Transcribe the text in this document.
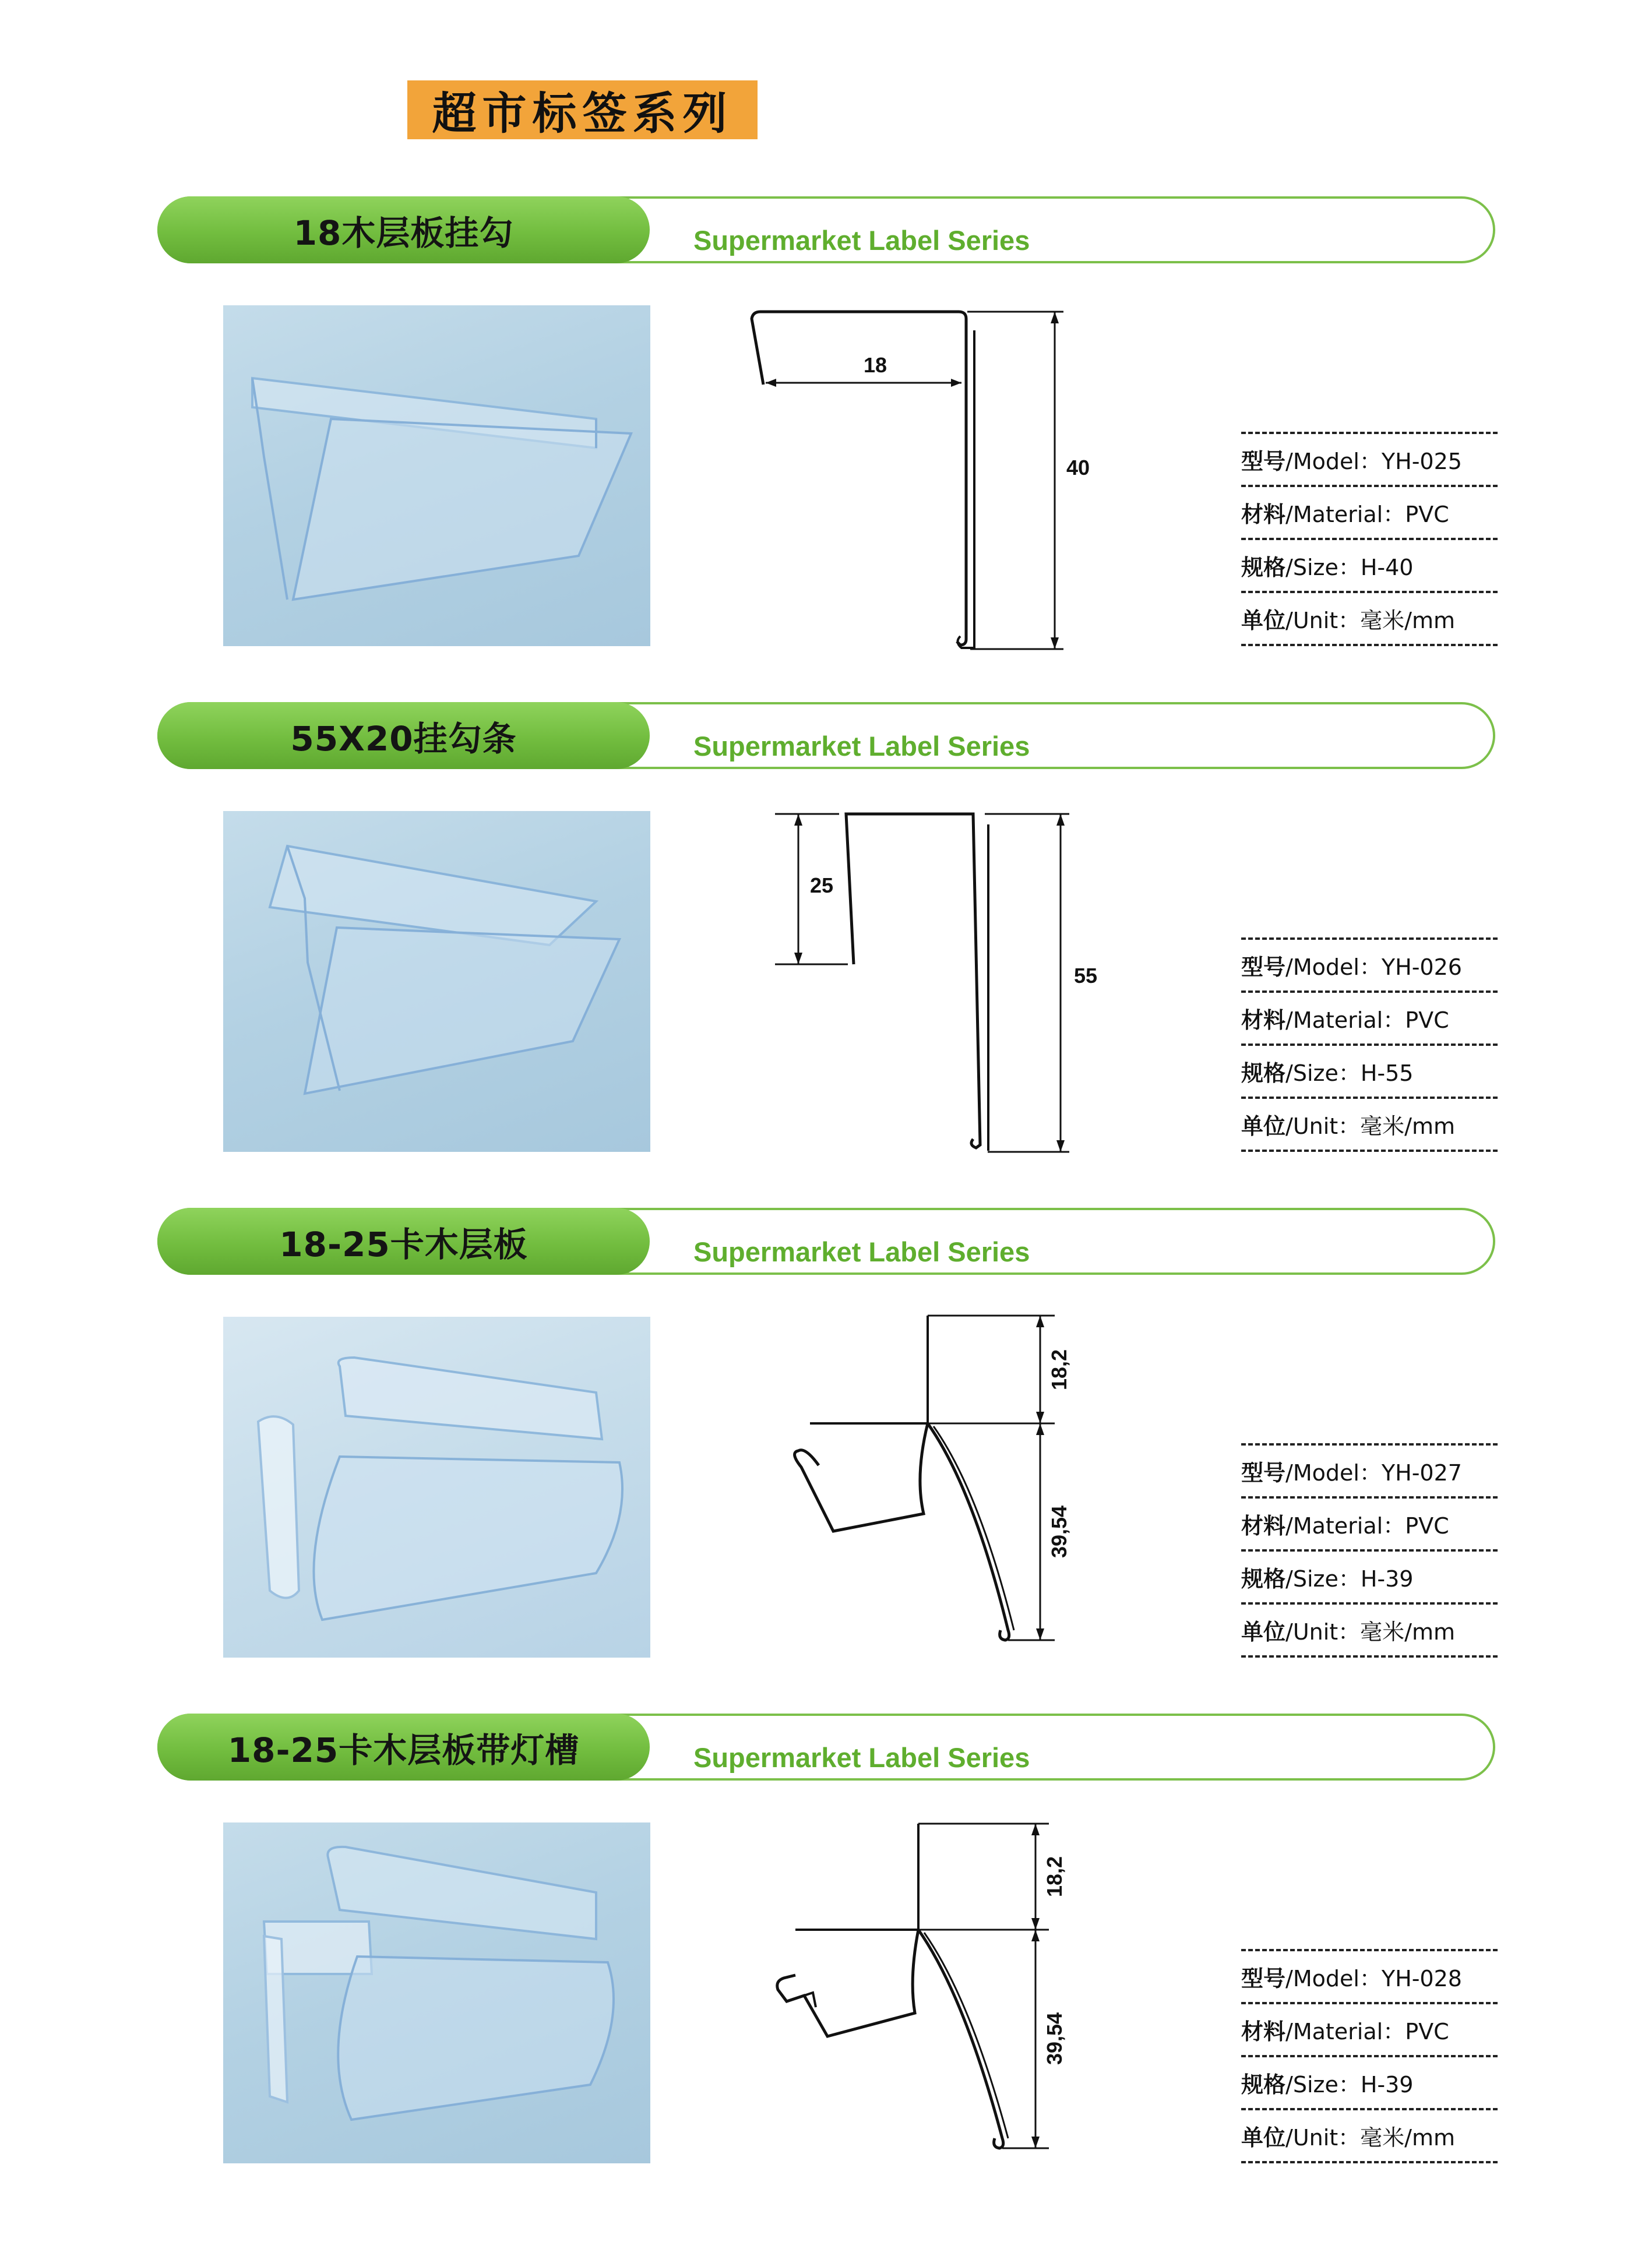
超市标签系列
18木层板挂勾	Supermarket Label Series
18
40	型号 /Model：YH-025
材料 /Material：PVC
规格 /Size：H-40
单位 /Unit：毫米/mm
55X20挂勾条	Supermarket Label Series
25
55	型号 /Model：YH-026
材料 /Material：PVC
规格 /Size：H-55
单位 /Unit：毫米/mm
18-25卡木层板	Supermarket Label Series
18,2
39,54
型号 /Model：YH-027
材料 /Material：PVC
规格 /Size：H-39
单位 /Unit：毫米/mm
18-25卡木层板带灯槽	Supermarket Label Series
18,2
39,54
型号 /Model：YH-028
材料 /Material：PVC
规格 /Size：H-39
单位 /Unit：毫米/mm
